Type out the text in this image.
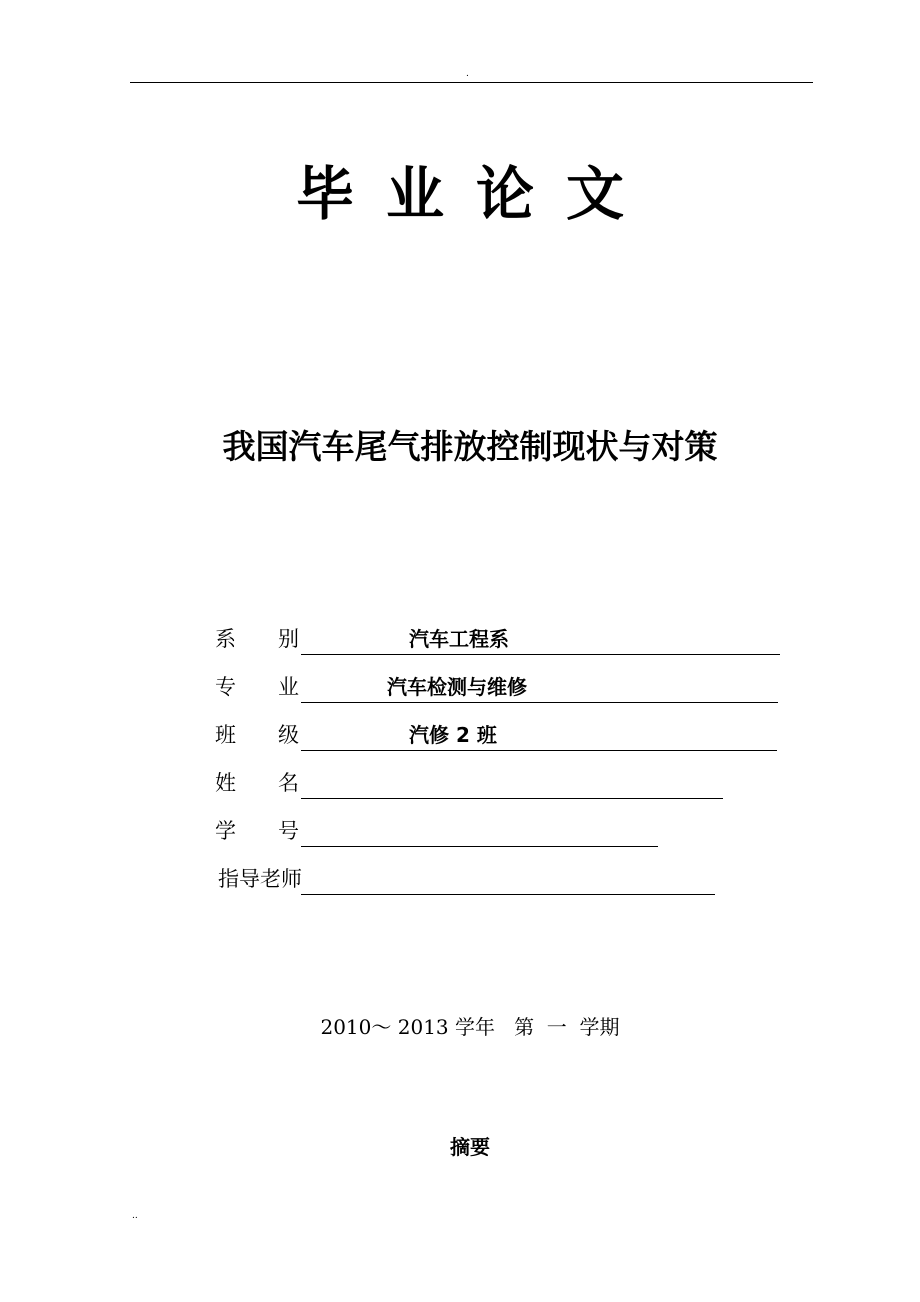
.
毕业论文
我国汽车尾气排放控制现状与对策
系　　别	汽车工程系
专　　业	汽车检测与维修
班　　级	汽修 2 班
姓　　名
学　　号
指导老师
2010～ 2013 学年   第  一  学期
摘要
..
